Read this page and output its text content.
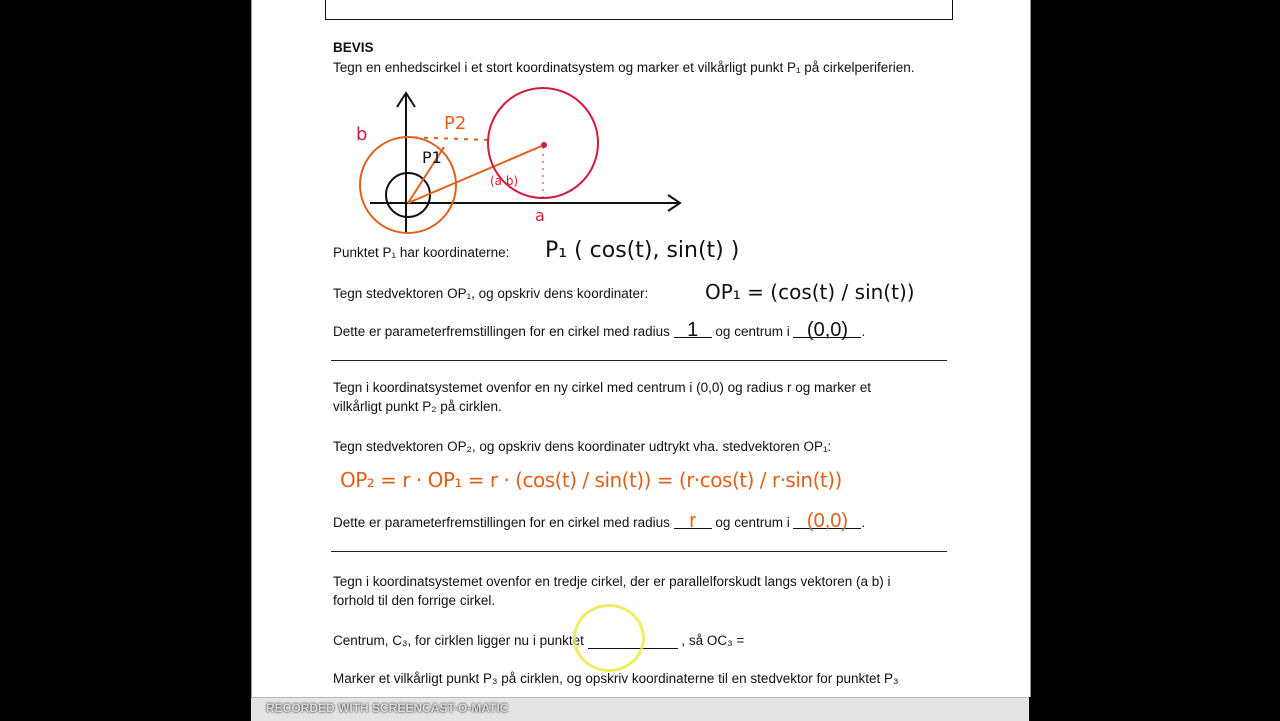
BEVIS
Tegn en enhedscirkel i et stort koordinatsystem og marker et vilkårligt punkt P₁ på cirkelperiferien.
b
a
P2
P1
(a b)
Punktet P₁ har koordinaterne: P₁ ( cos(t), sin(t) )
Tegn stedvektoren OP₁, og opskriv dens koordinater:	OP₁ = (cos(t) / sin(t))
Dette er parameterfremstillingen for en cirkel med radius 1 og centrum i (0,0) .
Tegn i koordinatsystemet ovenfor en ny cirkel med centrum i (0,0) og radius r og marker et
vilkårligt punkt P₂ på cirklen.
Tegn stedvektoren OP₂, og opskriv dens koordinater udtrykt vha. stedvektoren OP₁:
OP₂ = r · OP₁ = r · (cos(t) / sin(t)) = (r·cos(t) / r·sin(t))
Dette er parameterfremstillingen for en cirkel med radius r og centrum i (0,0) .
Tegn i koordinatsystemet ovenfor en tredje cirkel, der er parallelforskudt langs vektoren (a b) i
forhold til den forrige cirkel.
Centrum, C₃, for cirklen ligger nu i punktet	, så OC₃ =
Marker et vilkårligt punkt P₃ på cirklen, og opskriv koordinaterne til en stedvektor for punktet P₃
RECORDED WITH SCREENCAST-O-MATIC
